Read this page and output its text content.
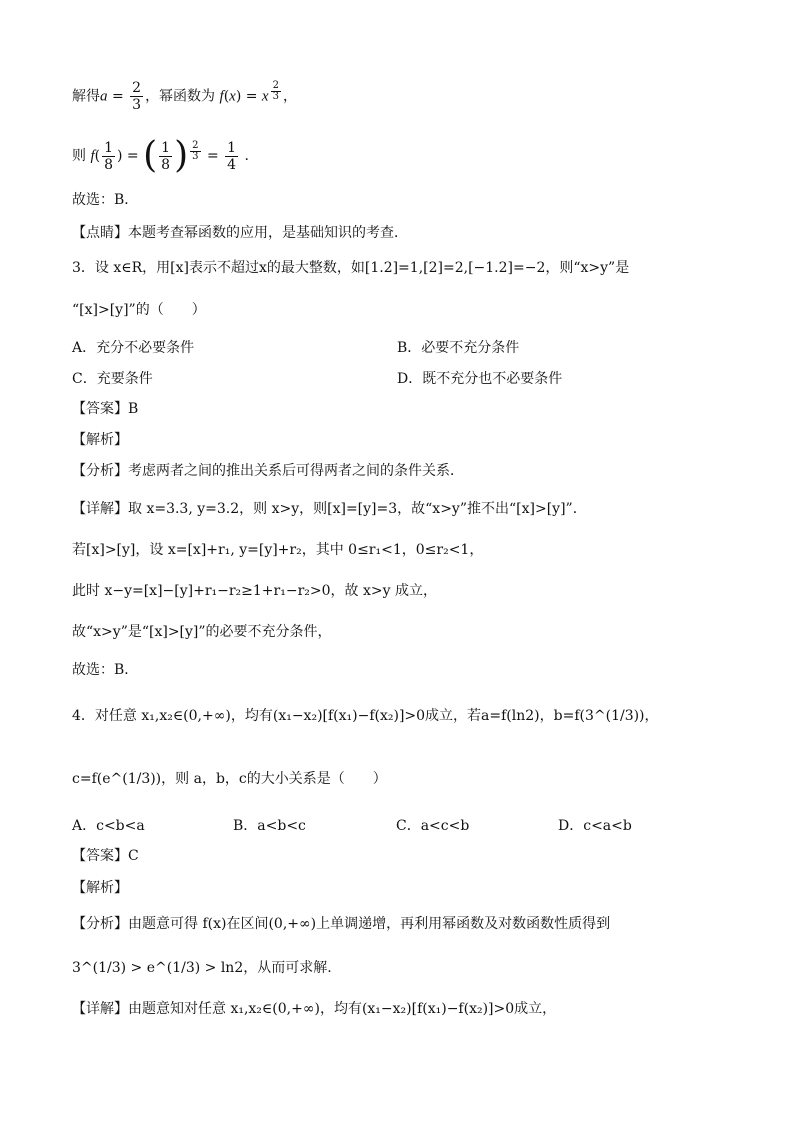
解得$a = \frac{2}{3}$ ，幂函数为 f(x) = x $^{\frac{2}{3}}$ ，
则 $f( \frac{1}{8}$ ) = ( $\frac{1}{8}$ ) $^{\frac{2}{3}} = \frac{1}{4}$ .
故选：B．
【点睛】本题考查幂函数的应用，是基础知识的考查．
3．设 x∈R，用[x]表示不超过x的最大整数，如[1.2]=1,[2]=2,[−1.2]=−2，则“x>y”是
“[x]>[y]”的（　　）
A．充分不必要条件	B．必要不充分条件
C．充要条件	D．既不充分也不必要条件
【答案】B
【解析】
【分析】考虑两者之间的推出关系后可得两者之间的条件关系．
【详解】取 x=3.3, y=3.2，则 x>y，则[x]=[y]=3，故“x>y”推不出“[x]>[y]”．
若[x]>[y]，设 x=[x]+r₁, y=[y]+r₂，其中 0≤r₁<1，0≤r₂<1，
此时 x−y=[x]−[y]+r₁−r₂≥1+r₁−r₂>0，故 x>y 成立，
故“x>y”是“[x]>[y]”的必要不充分条件，
故选：B．
4．对任意 x₁,x₂∈(0,+∞)，均有(x₁−x₂)[f(x₁)−f(x₂)]>0成立，若a=f(ln2)，b=f(3^(1/3))，
c=f(e^(1/3))，则 a，b，c的大小关系是（　　）
A．c<b<a	B．a<b<c	C．a<c<b	D．c<a<b
【答案】C
【解析】
【分析】由题意可得 f(x)在区间(0,+∞)上单调递增，再利用幂函数及对数函数性质得到
3^(1/3) > e^(1/3) > ln2，从而可求解.
【详解】由题意知对任意 x₁,x₂∈(0,+∞)，均有(x₁−x₂)[f(x₁)−f(x₂)]>0成立，
